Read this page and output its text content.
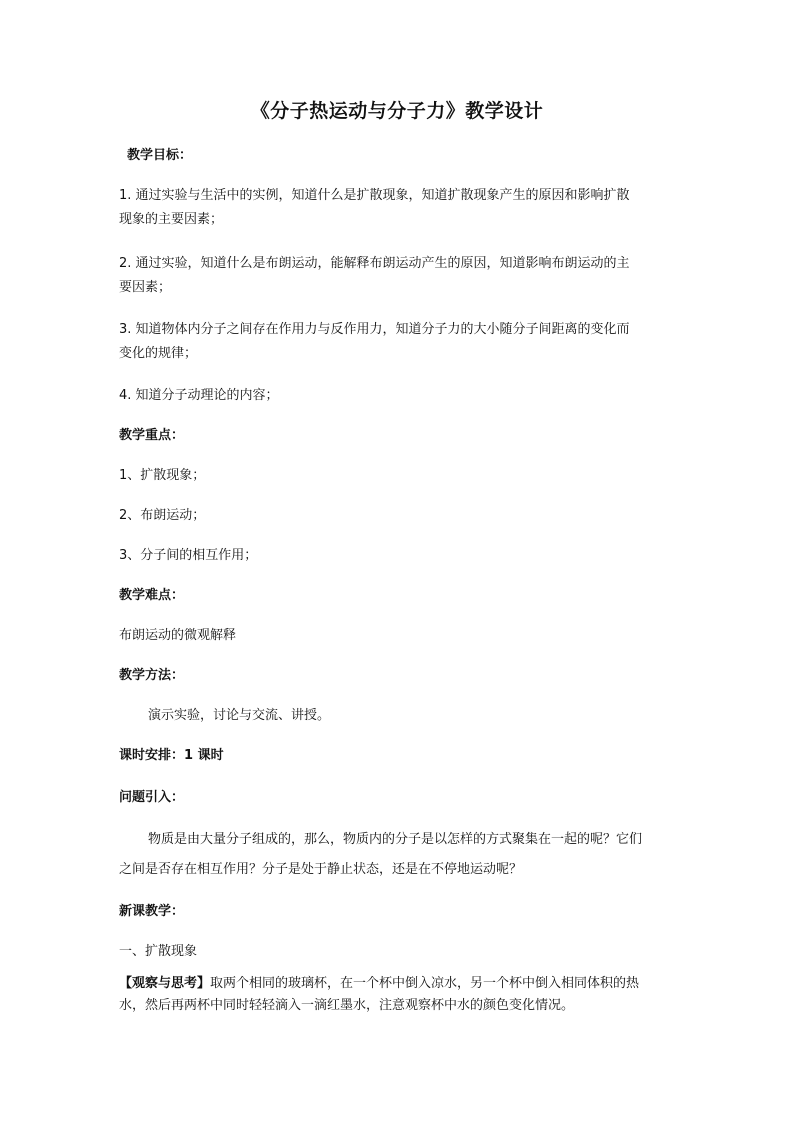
《分子热运动与分子力》教学设计
教学目标：
1. 通过实验与生活中的实例，知道什么是扩散现象，知道扩散现象产生的原因和影响扩散
现象的主要因素；
2. 通过实验，知道什么是布朗运动，能解释布朗运动产生的原因，知道影响布朗运动的主
要因素；
3. 知道物体内分子之间存在作用力与反作用力，知道分子力的大小随分子间距离的变化而
变化的规律；
4. 知道分子动理论的内容；
教学重点：
1、扩散现象；
2、布朗运动；
3、分子间的相互作用；
教学难点：
布朗运动的微观解释
教学方法：
演示实验，讨论与交流、讲授。
课时安排：1 课时
问题引入：
物质是由大量分子组成的，那么，物质内的分子是以怎样的方式聚集在一起的呢？它们
之间是否存在相互作用？分子是处于静止状态，还是在不停地运动呢？
新课教学：
一、扩散现象
【观察与思考】取两个相同的玻璃杯，在一个杯中倒入凉水，另一个杯中倒入相同体积的热
水，然后再两杯中同时轻轻滴入一滴红墨水，注意观察杯中水的颜色变化情况。
